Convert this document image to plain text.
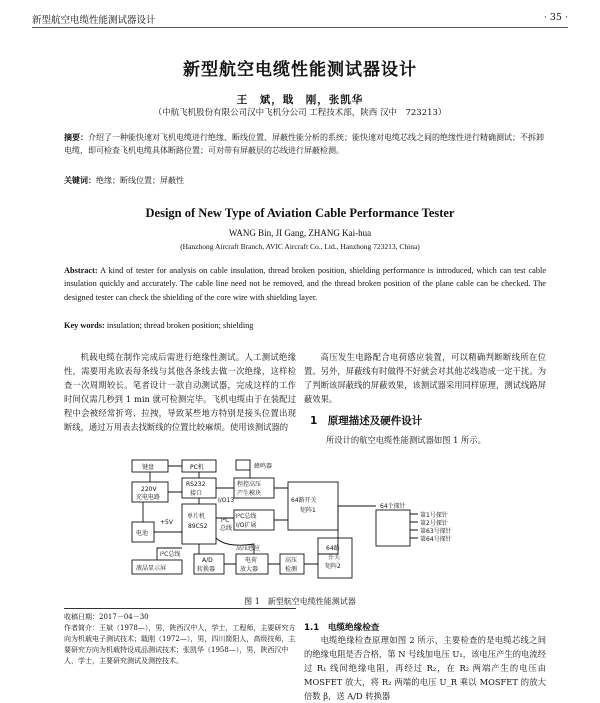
新型航空电缆性能测试器设计	· 35 ·
新型航空电缆性能测试器设计
王　斌，戢　刚，张凯华
（中航飞机股份有限公司汉中飞机分公司 工程技术部，陕西 汉中　723213）
摘要：介绍了一种能快速对飞机电缆进行绝缘、断线位置、屏蔽性能分析的系统；能快速对电缆芯线之间的绝缘性进行精确测试；不拆卸电缆，即可检查飞机电缆具体断路位置；可对带有屏蔽层的芯线进行屏蔽检测。
关键词：绝缘；断线位置；屏蔽性
Design of New Type of Aviation Cable Performance Tester
WANG Bin, JI Gang, ZHANG Kai-hua
(Hanzhong Aircraft Branch, AVIC Aircraft Co., Ltd., Hanzhong 723213, China)
Abstract: A kind of tester for analysis on cable insulation, thread broken position, shielding performance is introduced, which can test cable insulation quickly and accurately. The cable line need not be removed, and the thread broken position of the plane cable can be checked. The designed tester can check the shielding of the core wire with shielding layer.
Key words: insulation; thread broken position; shielding
机载电缆在制作完成后需进行绝缘性测试。人工测试绝缘性，需要用兆欧表每条线与其他各条线去做一次绝缘，这样检查一次周期较长。笔者设计一款自动测试器，完成这样的工作时间仅需几秒到 1 min 就可检测完毕。飞机电缆由于在装配过程中会被经常折弯、拉拽，导致某些地方特别是接头位置出现断线，通过万用表去找断线的位置比较麻烦。使用该测试器的
高压发生电路配合电荷感应装置，可以精确判断断线所在位置。另外，屏蔽线有时做得不好就会对其他芯线造成一定干扰。为了判断该屏蔽线的屏蔽效果，该测试器采用同样原理，测试线路屏蔽效果。
1　原理描述及硬件设计
所设计的航空电缆性能测试器如图 1 所示。
键盘	PC机	蜂鸣器
220V
充电电路
RS232
接口
程控高压
产生模块
单片机
89C52
I/O13
I²C
总线
I²C总线
I/O扩展
64路开关
矩阵1
电池
+5V
I²C总线
液晶显示屏
A/D
转换器
高压感应
电荷
放大器
高压
检测
64路
开关
矩阵2
64个探针
第1号探针
第2号探针
第63号探针
第64号探针
图 1　新型航空电缆性能测试器
收稿日期：2017－04－30
作者简介：王斌（1978—），男，陕西汉中人，学士，工程师，主要研究方向为机载电子测试技术；戢刚（1972—），男，四川简阳人，高级技师，主要研究方向为机载特设成品测试技术；张凯华（1958—），男，陕西汉中人，学士，主要研究测试及测控技术。
1.1　电缆绝缘检查
电缆绝缘检查原理如图 2 所示，主要检查的是电缆芯线之间的绝缘电阻是否合格，第 N 号线加电压 U₁，该电压产生的电流经过 R₁ 线间绝缘电阻，再经过 R₂，在 R₂ 两端产生的电压由 MOSFET 放大，将 R₂ 两端的电压 U_R 乘以 MOSFET 的放大倍数 β，送 A/D 转换器
